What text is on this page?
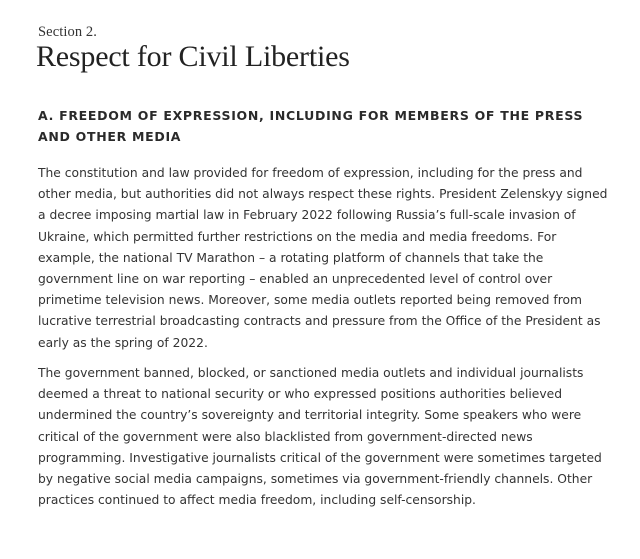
Section 2.
Respect for Civil Liberties
A. FREEDOM OF EXPRESSION, INCLUDING FOR MEMBERS OF THE PRESS AND OTHER MEDIA

The constitution and law provided for freedom of expression, including for the press and other media, but authorities did not always respect these rights. President Zelenskyy signed a decree imposing martial law in February 2022 following Russia’s full-scale invasion of Ukraine, which permitted further restrictions on the media and media freedoms. For example, the national TV Marathon – a rotating platform of channels that take the government line on war reporting – enabled an unprecedented level of control over primetime television news. Moreover, some media outlets reported being removed from lucrative terrestrial broadcasting contracts and pressure from the Office of the President as early as the spring of 2022.

The government banned, blocked, or sanctioned media outlets and individual journalists deemed a threat to national security or who expressed positions authorities believed undermined the country’s sovereignty and territorial integrity. Some speakers who were critical of the government were also blacklisted from government-directed news programming. Investigative journalists critical of the government were sometimes targeted by negative social media campaigns, sometimes via government-friendly channels. Other practices continued to affect media freedom, including self-censorship.
